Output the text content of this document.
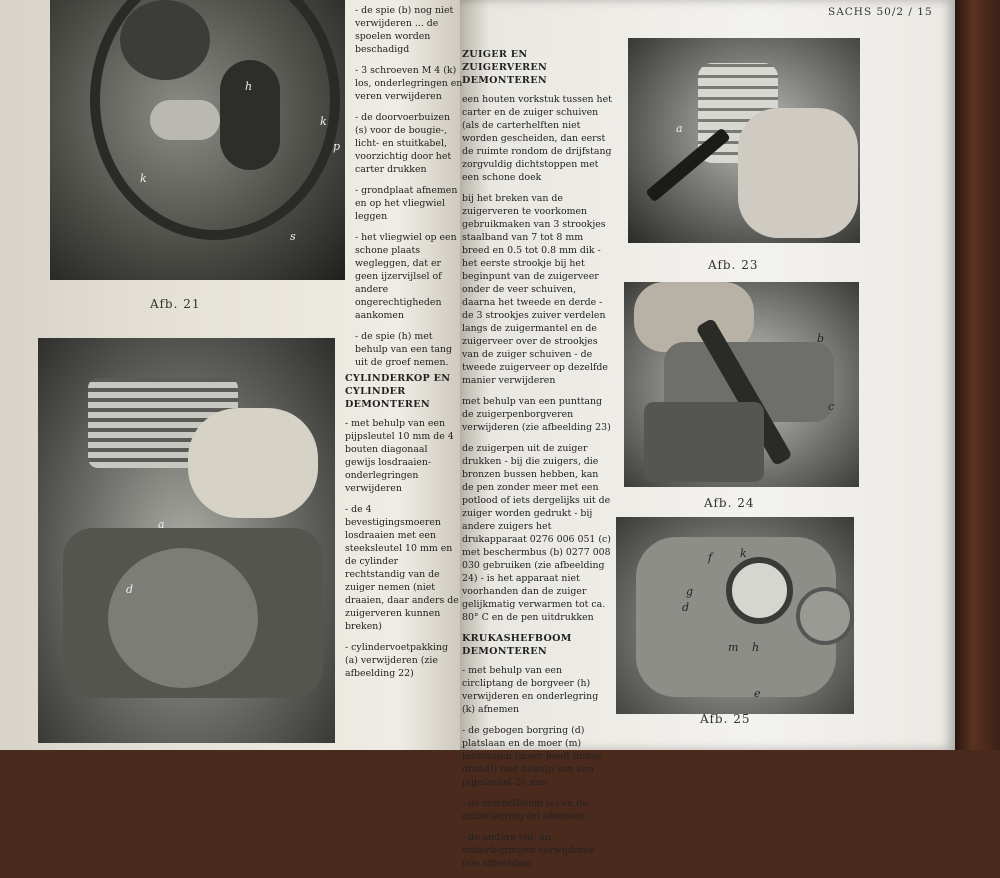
SACHS 50/2 / 15
h
k
p
k
s
Afb. 21
a
d

- de spie (b) nog niet verwijderen ... de spoelen worden beschadigd

- 3 schroeven M 4 (k) los, onderlegringen en veren verwijderen

- de doorvoerbuizen (s) voor de bougie-, licht- en stuitkabel, voorzichtig door het carter drukken

- grondplaat afnemen en op het vliegwiel leggen

- het vliegwiel op een schone plaats wegleggen, dat er geen ijzervijlsel of andere ongerechtigheden aankomen

- de spie (h) met behulp van een tang uit de groef nemen.

CYLINDERKOP EN CYLINDER DEMONTEREN

- met behulp van een pijpsleutel 10 mm de 4 bouten diagonaal gewijs losdraaien- onderlegringen verwijderen

- de 4 bevestigingsmoeren losdraaien met een steeksleutel 10 mm en de cylinder rechtstandig van de zuiger nemen (niet draaien, daar anders de zuigerveren kunnen breken)

- cylindervoetpakking (a) verwijderen (zie afbeelding 22)

ZUIGER EN ZUIGERVEREN DEMONTEREN

een houten vorkstuk tussen het carter en de zuiger schuiven (als de carterhelften niet worden gescheiden, dan eerst de ruimte rondom de drijfstang zorgvuldig dichtstoppen met een schone doek

bij het breken van de zuigerveren te voorkomen gebruikmaken van 3 strookjes staalband van 7 tot 8 mm breed en 0.5 tot 0.8 mm dik - het eerste strookje bij het beginpunt van de zuigerveer onder de veer schuiven, daarna het tweede en derde - de 3 strookjes zuiver verdelen langs de zuigermantel en de zuigerveer over de strookjes van de zuiger schuiven - de tweede zuigerveer op dezelfde manier verwijderen

met behulp van een punttang de zuigerpenborgveren verwijderen (zie afbeelding 23)

de zuigerpen uit de zuiger drukken - bij die zuigers, die bronzen bussen hebben, kan de pen zonder meer met een potlood of iets dergelijks uit de zuiger worden gedrukt - bij andere zuigers het drukapparaat 0276 006 051 (c) met beschermbus (b) 0277 008 030 gebruiken (zie afbeelding 24) - is het apparaat niet voorhanden dan de zuiger gelijkmatig verwarmen tot ca. 80° C en de pen uitdrukken

KRUKASHEFBOOM DEMONTEREN

- met behulp van een circliptang de borgveer (h) verwijderen en onderlegring (k) afnemen

- de gebogen borgring (d) platslaan en de moer (m) losdraaien (moer heeft linkse draad!) met behulp van een pijpsleutel 26 mm

- de remhefboom (e) en de onderlegring (g) afnemen

- de andere vul- en onderlegringen verwijderen (zie afbeelding

a
Afb. 23
b
c
Afb. 24
f	k
g
d
m h
e
Afb. 25
